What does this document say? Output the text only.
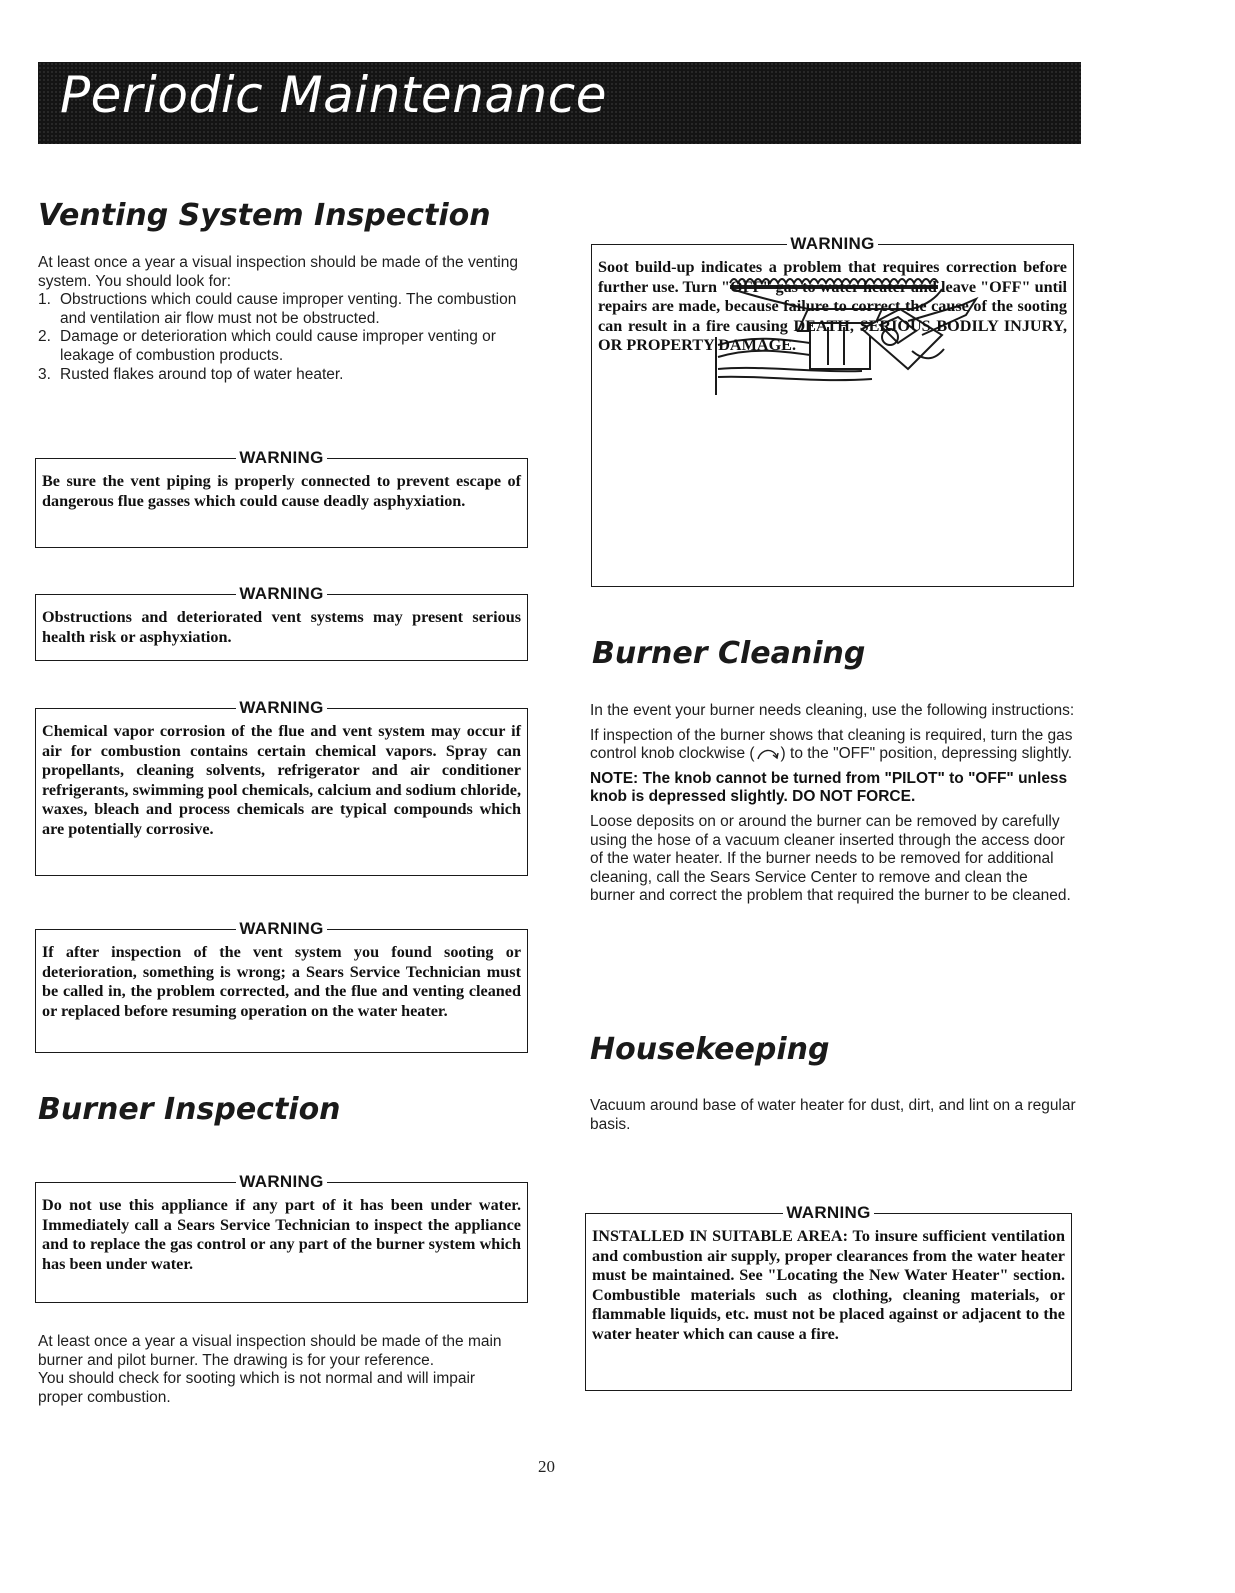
Periodic Maintenance
Venting System Inspection

At least once a year a visual inspection should be made of the venting system. You should look for:

1. Obstructions which could cause improper venting. The combustion and ventilation air flow must not be obstructed.
2. Damage or deterioration which could cause improper venting or leakage of combustion products.
3. Rusted flakes around top of water heater.
WARNING

Be sure the vent piping is properly connected to prevent escape of dangerous flue gasses which could cause deadly asphyxiation.

WARNING

Obstructions and deteriorated vent systems may present serious health risk or asphyxiation.

WARNING

Chemical vapor corrosion of the flue and vent system may occur if air for combustion contains certain chemical vapors. Spray can propellants, cleaning solvents, refrigerator and air conditioner refrigerants, swimming pool chemicals, calcium and sodium chloride, waxes, bleach and process chemicals are typical compounds which are potentially corrosive.

WARNING

If after inspection of the vent system you found sooting or deterioration, something is wrong; a Sears Service Technician must be called in, the problem corrected, and the flue and venting cleaned or replaced before resuming operation on the water heater.

Burner Inspection
WARNING

Do not use this appliance if any part of it has been under water. Immediately call a Sears Service Technician to inspect the appliance and to replace the gas control or any part of the burner system which has been under water.

At least once a year a visual inspection should be made of the main burner and pilot burner. The drawing is for your reference.

You should check for sooting which is not normal and will impair proper combustion.

WARNING

Soot build-up indicates a problem that requires correction before further use. Turn "OFF" gas to water heater and leave "OFF" until repairs are made, because failure to correct the cause of the sooting can result in a fire causing DEATH, SERIOUS BODILY INJURY, OR PROPERTY DAMAGE.

Burner Cleaning

In the event your burner needs cleaning, use the following instructions:

If inspection of the burner shows that cleaning is required, turn the gas control knob clockwise ( ) to the "OFF" position, depressing slightly.

NOTE: The knob cannot be turned from "PILOT" to "OFF" unless knob is depressed slightly. DO NOT FORCE.

Loose deposits on or around the burner can be removed by carefully using the hose of a vacuum cleaner inserted through the access door of the water heater. If the burner needs to be removed for additional cleaning, call the Sears Service Center to remove and clean the burner and correct the problem that required the burner to be cleaned.

Housekeeping

Vacuum around base of water heater for dust, dirt, and lint on a regular basis.

WARNING

INSTALLED IN SUITABLE AREA: To insure sufficient ventilation and combustion air supply, proper clearances from the water heater must be maintained. See "Locating the New Water Heater" section. Combustible materials such as clothing, cleaning materials, or flammable liquids, etc. must not be placed against or adjacent to the water heater which can cause a fire.

20
